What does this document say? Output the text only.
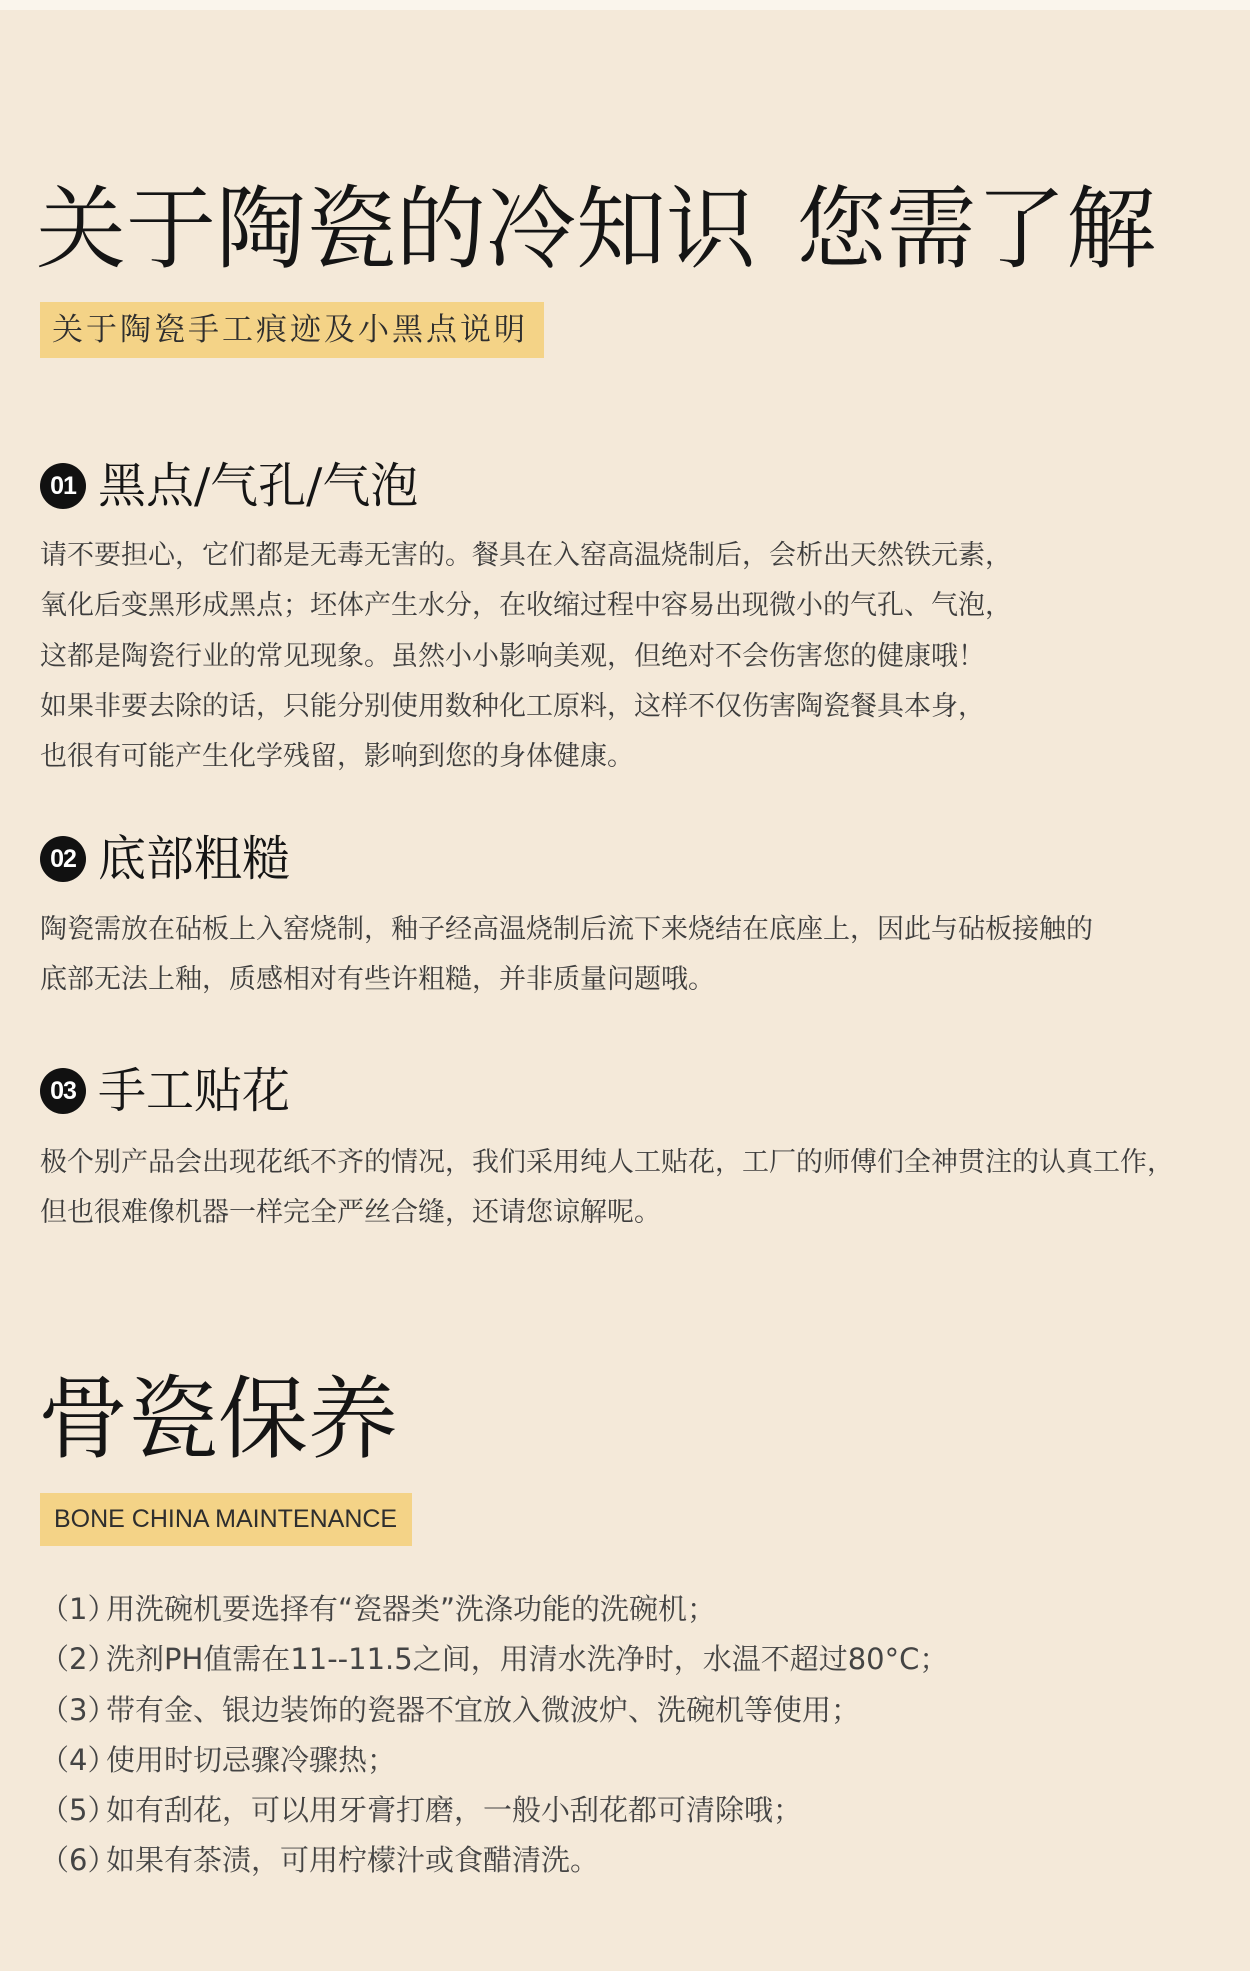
关于陶瓷的冷知识 您需了解
关于陶瓷手工痕迹及小黑点说明
01 黑点/气孔/气泡
请不要担心，它们都是无毒无害的。餐具在入窑高温烧制后，会析出天然铁元素，
氧化后变黑形成黑点；坯体产生水分，在收缩过程中容易出现微小的气孔、气泡，
这都是陶瓷行业的常见现象。虽然小小影响美观，但绝对不会伤害您的健康哦！
如果非要去除的话，只能分别使用数种化工原料，这样不仅伤害陶瓷餐具本身，
也很有可能产生化学残留，影响到您的身体健康。
02 底部粗糙
陶瓷需放在砧板上入窑烧制，釉子经高温烧制后流下来烧结在底座上，因此与砧板接触的
底部无法上釉，质感相对有些许粗糙，并非质量问题哦。
03 手工贴花
极个别产品会出现花纸不齐的情况，我们采用纯人工贴花，工厂的师傅们全神贯注的认真工作，
但也很难像机器一样完全严丝合缝，还请您谅解呢。
骨瓷保养
BONE CHINA MAINTENANCE
（1）
用洗碗机要选择有“瓷器类”洗涤功能的洗碗机；
（2）
洗剂PH值需在11--11.5之间，用清水洗净时，水温不超过80°C；
（3）
带有金、银边装饰的瓷器不宜放入微波炉、洗碗机等使用；
（4）
使用时切忌骤冷骤热；
（5）
如有刮花，可以用牙膏打磨，一般小刮花都可清除哦；
（6）
如果有茶渍，可用柠檬汁或食醋清洗。
